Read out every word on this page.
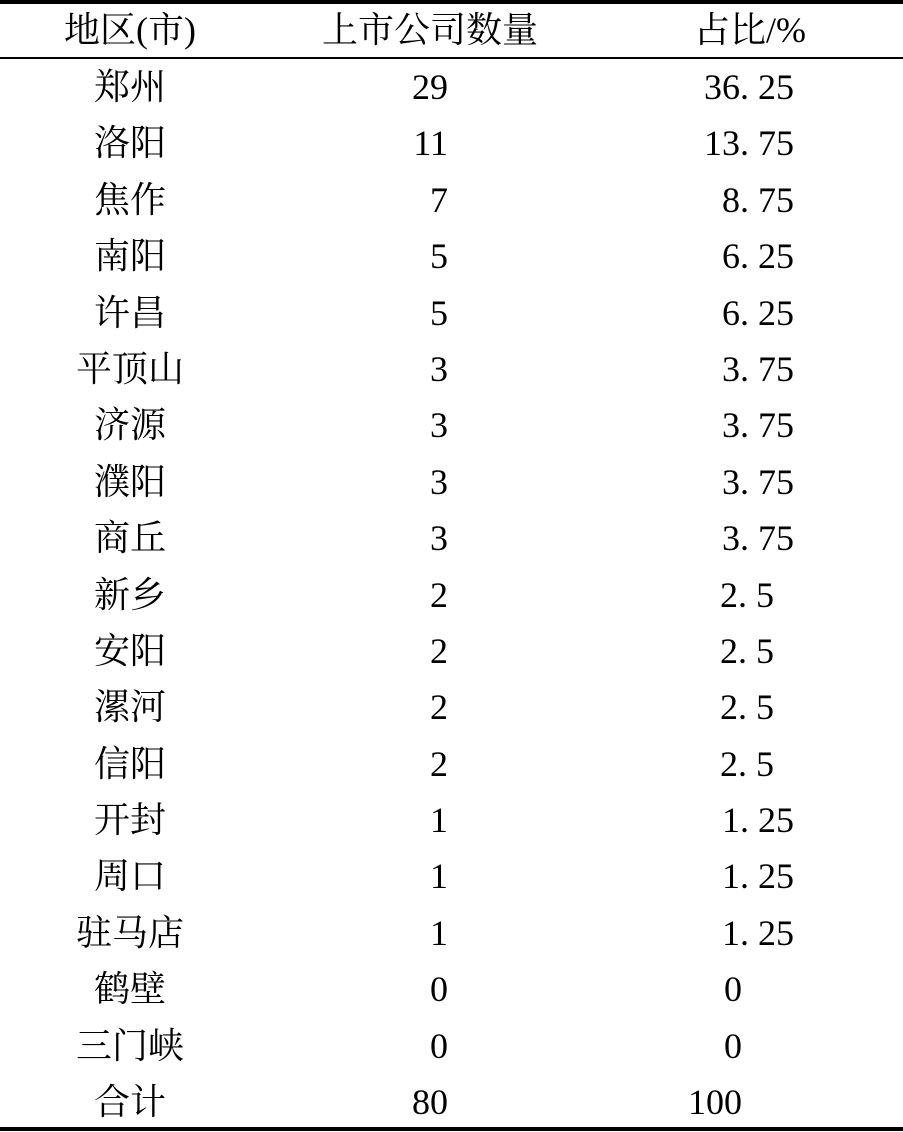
地区(市)	上市公司数量	占比/%
郑州	29	36. 25
洛阳	11	13. 75
焦作	7	8. 75
南阳	5	6. 25
许昌	5	6. 25
平顶山	3	3. 75
济源	3	3. 75
濮阳	3	3. 75
商丘	3	3. 75
新乡	2	2. 5
安阳	2	2. 5
漯河	2	2. 5
信阳	2	2. 5
开封	1	1. 25
周口	1	1. 25
驻马店	1	1. 25
鹤壁	0	0
三门峡	0	0
合计	80	100
